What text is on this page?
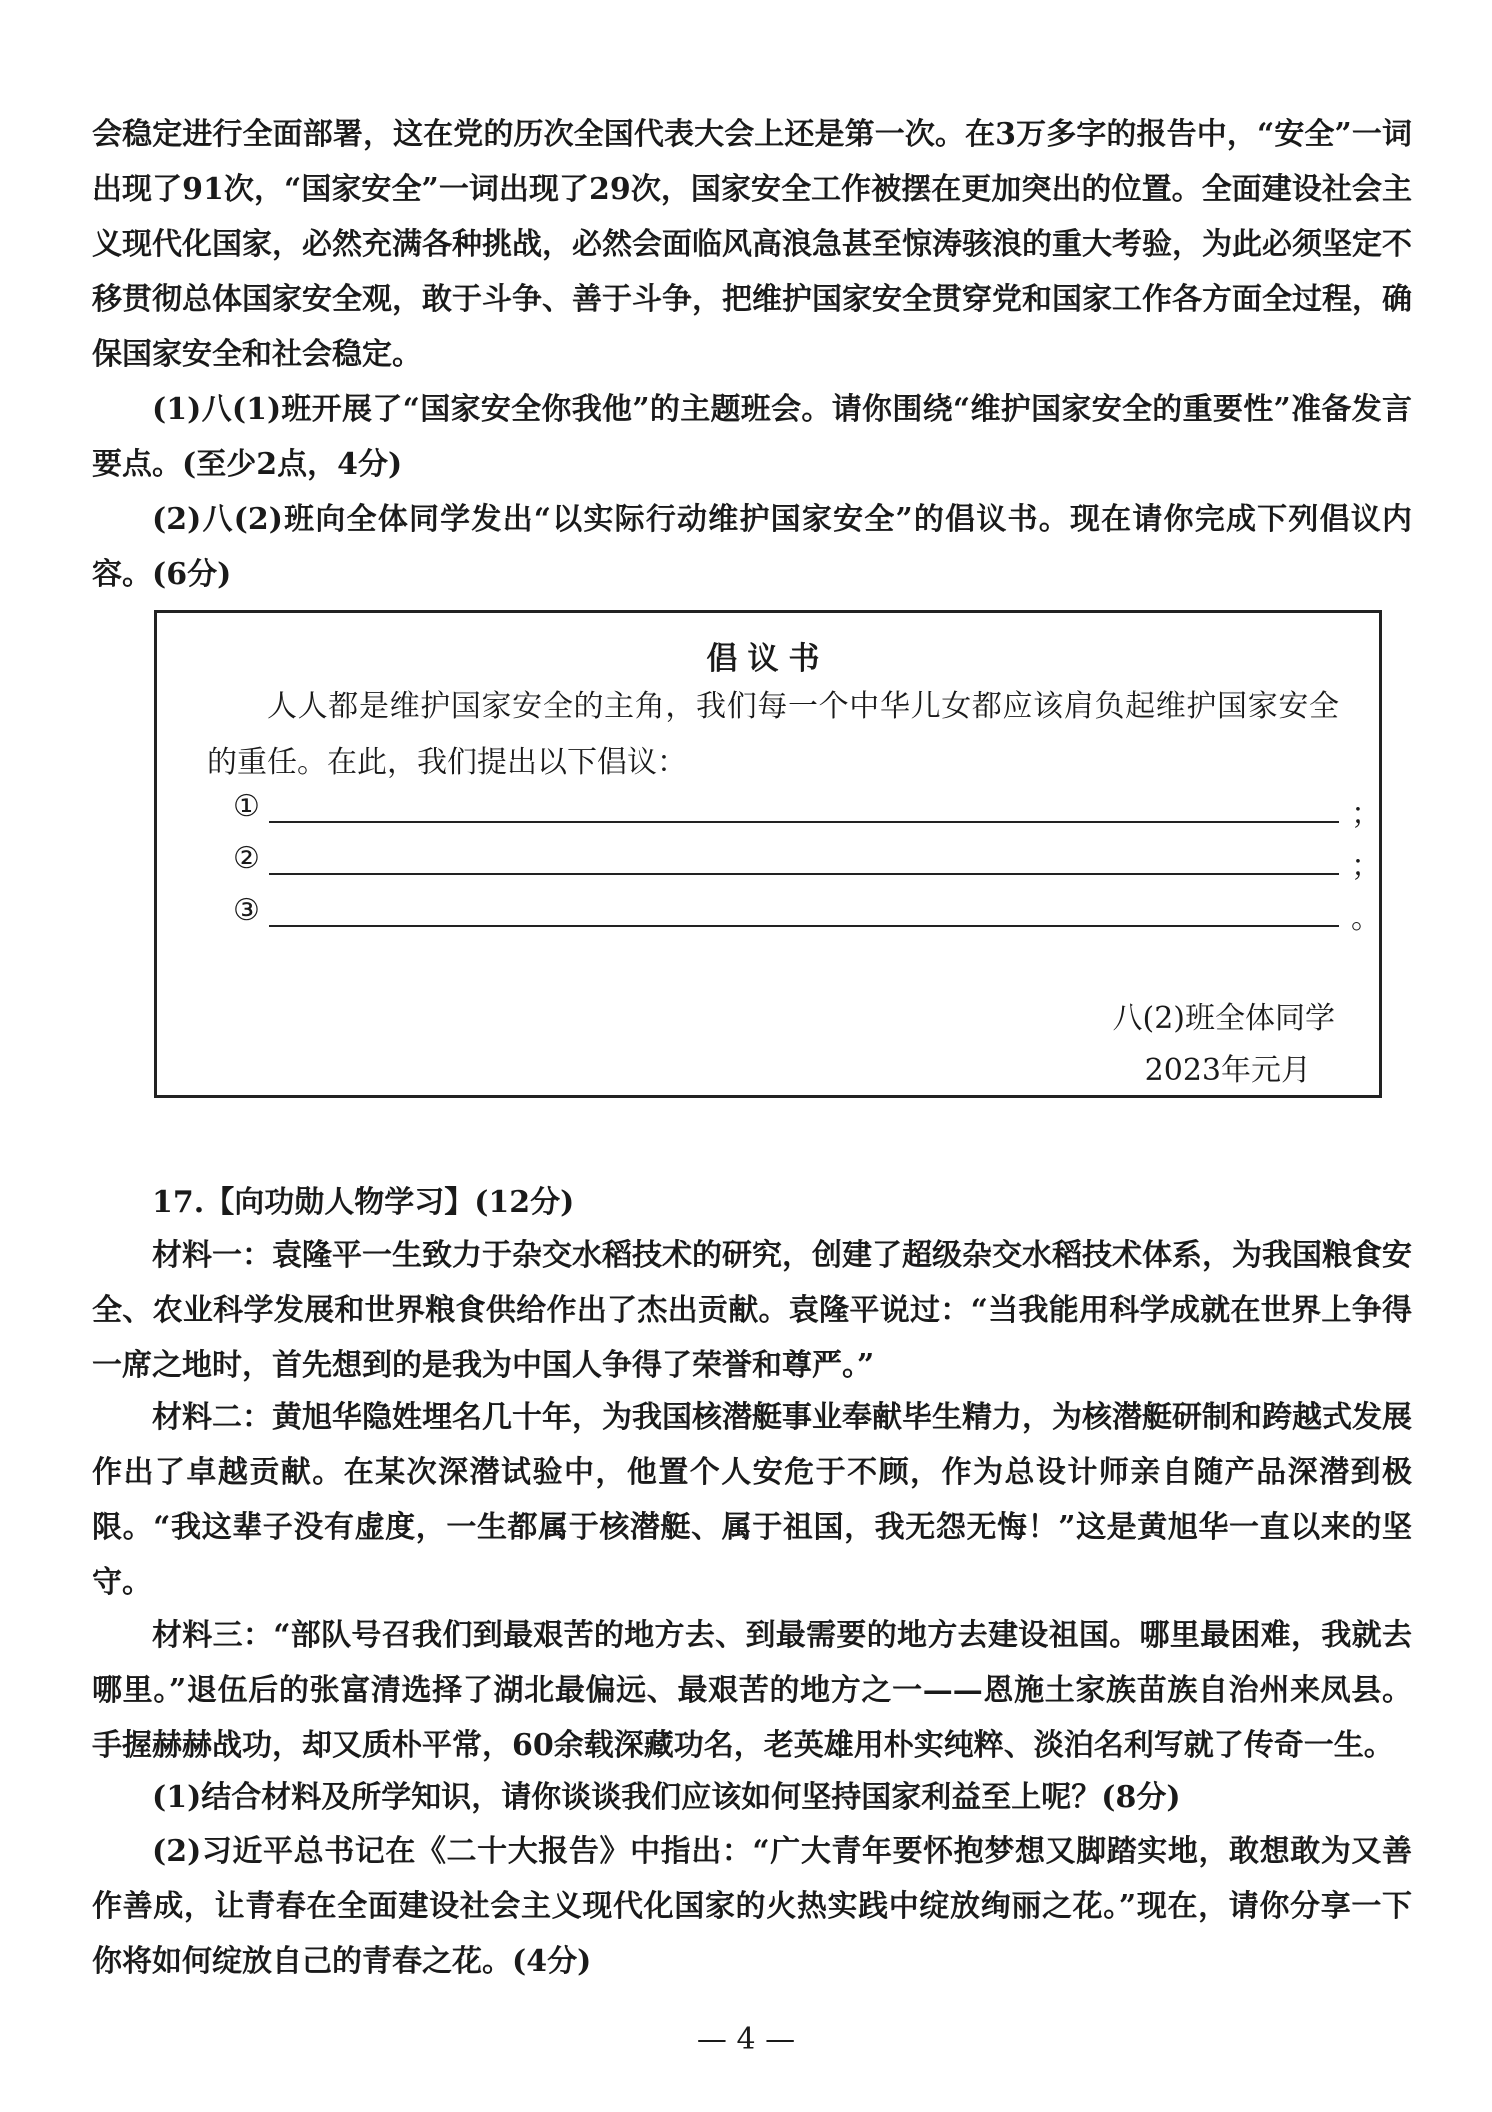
会稳定进行全面部署，这在党的历次全国代表大会上还是第一次。在3万多字的报告中，“安全”一词出现了91次，“国家安全”一词出现了29次，国家安全工作被摆在更加突出的位置。全面建设社会主义现代化国家，必然充满各种挑战，必然会面临风高浪急甚至惊涛骇浪的重大考验，为此必须坚定不移贯彻总体国家安全观，敢于斗争、善于斗争，把维护国家安全贯穿党和国家工作各方面全过程，确保国家安全和社会稳定。

(1)八(1)班开展了“国家安全你我他”的主题班会。请你围绕“维护国家安全的重要性”准备发言要点。(至少2点，4分)

(2)八(2)班向全体同学发出“以实际行动维护国家安全”的倡议书。现在请你完成下列倡议内容。(6分)

倡议书

人人都是维护国家安全的主角，我们每一个中华儿女都应该肩负起维护国家安全的重任。在此，我们提出以下倡议：

①	；
②	；
③	。
八(2)班全体同学
2023年元月

17.【向功勋人物学习】(12分)

材料一：袁隆平一生致力于杂交水稻技术的研究，创建了超级杂交水稻技术体系，为我国粮食安全、农业科学发展和世界粮食供给作出了杰出贡献。袁隆平说过：“当我能用科学成就在世界上争得一席之地时，首先想到的是我为中国人争得了荣誉和尊严。”

材料二：黄旭华隐姓埋名几十年，为我国核潜艇事业奉献毕生精力，为核潜艇研制和跨越式发展作出了卓越贡献。在某次深潜试验中，他置个人安危于不顾，作为总设计师亲自随产品深潜到极限。“我这辈子没有虚度，一生都属于核潜艇、属于祖国，我无怨无悔！”这是黄旭华一直以来的坚守。

材料三：“部队号召我们到最艰苦的地方去、到最需要的地方去建设祖国。哪里最困难，我就去哪里。”退伍后的张富清选择了湖北最偏远、最艰苦的地方之一——恩施土家族苗族自治州来凤县。手握赫赫战功，却又质朴平常，60余载深藏功名，老英雄用朴实纯粹、淡泊名利写就了传奇一生。

(1)结合材料及所学知识，请你谈谈我们应该如何坚持国家利益至上呢？(8分)

(2)习近平总书记在《二十大报告》中指出：“广大青年要怀抱梦想又脚踏实地，敢想敢为又善作善成，让青春在全面建设社会主义现代化国家的火热实践中绽放绚丽之花。”现在，请你分享一下你将如何绽放自己的青春之花。(4分)

— 4 —
